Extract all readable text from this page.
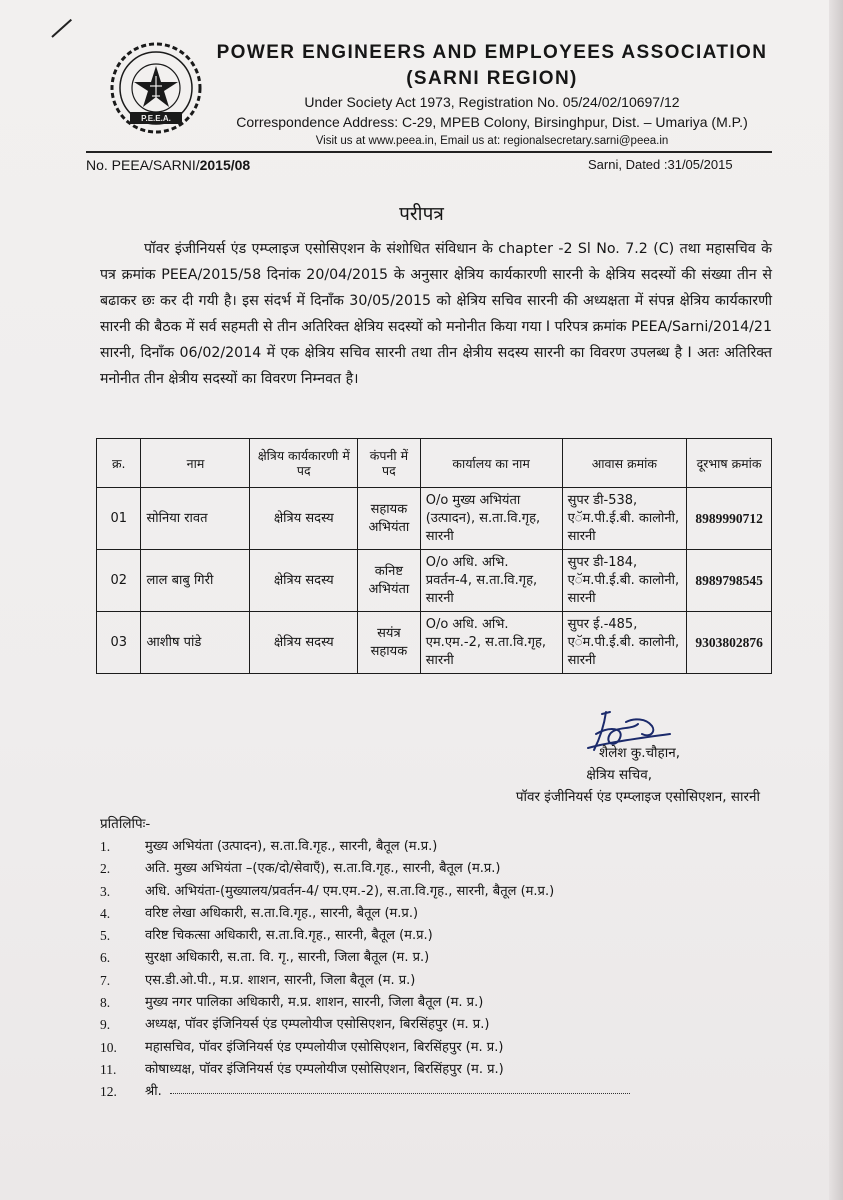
P.E.E.A.
POWER ENGINEERS AND EMPLOYEES ASSOCIATION
(SARNI REGION)
Under Society Act 1973, Registration No. 05/24/02/10697/12
Correspondence Address: C-29, MPEB Colony, Birsinghpur, Dist. – Umariya (M.P.)
Visit us at www.peea.in, Email us at: regionalsecretary.sarni@peea.in
No. PEEA/SARNI/2015/08	Sarni, Dated :31/05/2015
परीपत्र
पॉवर इंजीनियर्स एंड एम्प्लाइज एसोसिएशन के संशोधित संविधान के chapter -2 Sl No. 7.2 (C) तथा महासचिव के पत्र क्रमांक PEEA/2015/58 दिनांक 20/04/2015 के अनुसार क्षेत्रिय कार्यकारणी सारनी के क्षेत्रिय सदस्यों की संख्या तीन से बढाकर छः कर दी गयी है। इस संदर्भ में दिनॉंक 30/05/2015 को क्षेत्रिय सचिव सारनी की अध्यक्षता में संपन्न क्षेत्रिय कार्यकारणी सारनी की बैठक में सर्व सहमती से तीन अतिरिक्त क्षेत्रिय सदस्यों को मनोनीत किया गया I परिपत्र क्रमांक PEEA/Sarni/2014/21 सारनी, दिनॉंक 06/02/2014 में एक क्षेत्रिय सचिव सारनी तथा तीन क्षेत्रीय सदस्य सारनी का विवरण उपलब्ध है I अतः अतिरिक्त मनोनीत तीन क्षेत्रीय सदस्यों का विवरण निम्नवत है।
क्र.	नाम	क्षेत्रिय कार्यकारणी में पद	कंपनी में पद	कार्यालय का नाम	आवास क्रमांक	दूरभाष क्रमांक
01	सोनिया रावत	क्षेत्रिय सदस्य	सहायक अभियंता	O/o मुख्य अभियंता (उत्पादन), स.ता.वि.गृह, सारनी	सुपर डी-538, एॅम.पी.ई.बी. कालोनी, सारनी	8989990712
02	लाल बाबु गिरी	क्षेत्रिय सदस्य	कनिष्ट अभियंता	O/o अधि. अभि. प्रवर्तन-4, स.ता.वि.गृह, सारनी	सुपर डी-184, एॅम.पी.ई.बी. कालोनी, सारनी	8989798545
03	आशीष पांडे	क्षेत्रिय सदस्य	सयंत्र सहायक	O/o अधि. अभि. एम.एम.-2, स.ता.वि.गृह, सारनी	सुपर ई.-485, एॅम.पी.ई.बी. कालोनी, सारनी	9303802876
शैलेश कु.चौहान,
क्षेत्रिय सचिव,
पॉवर इंजीनियर्स एंड एम्प्लाइज एसोसिएशन, सारनी
प्रतिलिपिः-
1.	मुख्य अभियंता (उत्पादन), स.ता.वि.गृह., सारनी, बैतूल (म.प्र.)
2.	अति. मुख्य अभियंता –(एक/दो/सेवाएँ), स.ता.वि.गृह., सारनी, बैतूल (म.प्र.)
3.	अधि. अभियंता-(मुख्यालय/प्रवर्तन-4/ एम.एम.-2), स.ता.वि.गृह., सारनी, बैतूल (म.प्र.)
4.	वरिष्ट लेखा अधिकारी, स.ता.वि.गृह., सारनी, बैतूल (म.प्र.)
5.	वरिष्ट चिकत्सा अधिकारी, स.ता.वि.गृह., सारनी, बैतूल (म.प्र.)
6.	सुरक्षा अधिकारी, स.ता. वि. गृ., सारनी, जिला बैतूल (म. प्र.)
7.	एस.डी.ओ.पी., म.प्र. शाशन, सारनी, जिला बैतूल (म. प्र.)
8.	मुख्य नगर पालिका अधिकारी, म.प्र. शाशन, सारनी, जिला बैतूल (म. प्र.)
9.	अध्यक्ष, पॉवर इंजिनियर्स एंड एम्पलोयीज एसोसिएशन, बिरसिंहपुर (म. प्र.)
10.	महासचिव, पॉवर इंजिनियर्स एंड एम्पलोयीज एसोसिएशन, बिरसिंहपुर (म. प्र.)
11.	कोषाध्यक्ष, पॉवर इंजिनियर्स एंड एम्पलोयीज एसोसिएशन, बिरसिंहपुर (म. प्र.)
12.	श्री.
